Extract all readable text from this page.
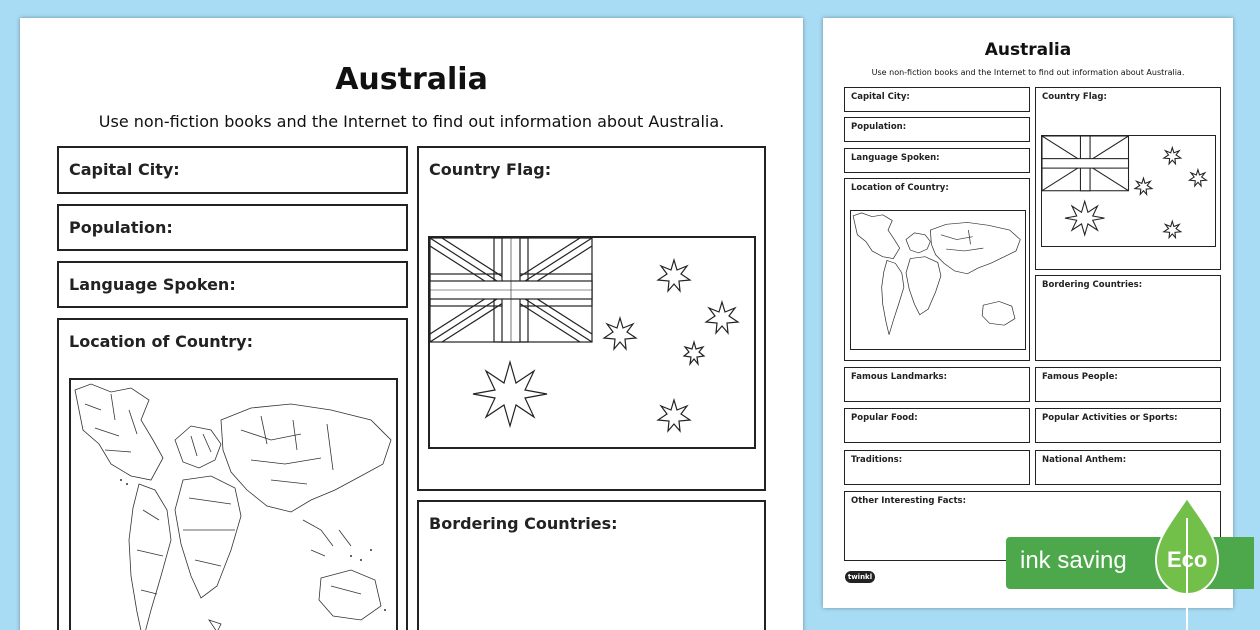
Australia
Use non-fiction books and the Internet to find out information about Australia.
Capital City:
Population:
Language Spoken:
Location of Country:
Country Flag:
Bordering Countries:
Australia
Use non-fiction books and the Internet to find out information about Australia.
Capital City:
Population:
Language Spoken:
Location of Country:
Country Flag:
Bordering Countries:
Famous Landmarks:	Famous People:
Popular Food:	Popular Activities or Sports:
Traditions:	National Anthem:
Other Interesting Facts:
twinkl
ink saving Eco
